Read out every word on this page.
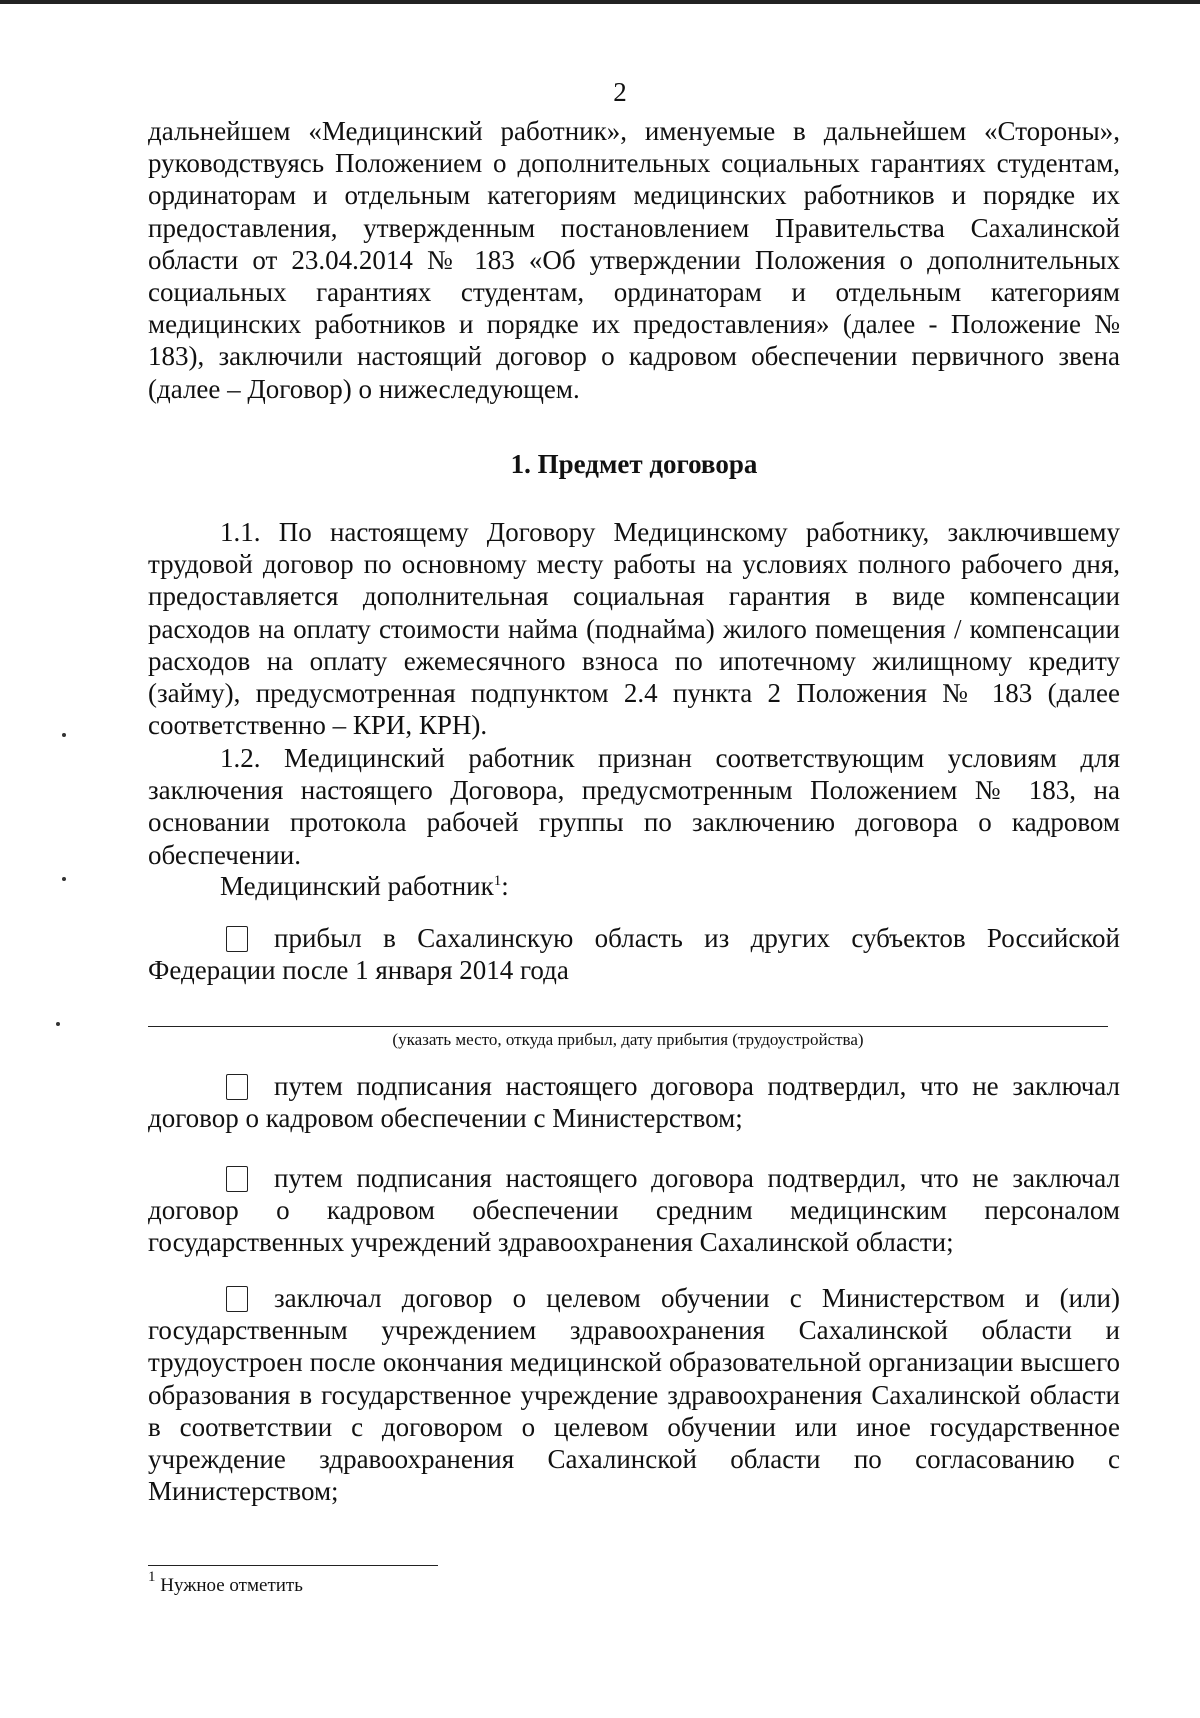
2

дальнейшем «Медицинский работник», именуемые в дальнейшем «Стороны», руководствуясь Положением о дополнительных социальных гарантиях студентам, ординаторам и отдельным категориям медицинских работников и порядке их предоставления, утвержденным постановлением Правительства Сахалинской области от 23.04.2014 № 183 «Об утверждении Положения о дополнительных социальных гарантиях студентам, ординаторам и отдельным категориям медицинских работников и порядке их предоставления» (далее - Положение № 183), заключили настоящий договор о кадровом обеспечении первичного звена (далее – Договор) о нижеследующем.

1. Предмет договора

1.1. По настоящему Договору Медицинскому работнику, заключившему трудовой договор по основному месту работы на условиях полного рабочего дня, предоставляется дополнительная социальная гарантия в виде компенсации расходов на оплату стоимости найма (поднайма) жилого помещения / компенсации расходов на оплату ежемесячного взноса по ипотечному жилищному кредиту (займу), предусмотренная подпунктом 2.4 пункта 2 Положения № 183 (далее соответственно – КРИ, КРН).

1.2. Медицинский работник признан соответствующим условиям для заключения настоящего Договора, предусмотренным Положением № 183, на основании протокола рабочей группы по заключению договора о кадровом обеспечении.

Медицинский работник$^1$:

прибыл в Сахалинскую область из других субъектов Российской Федерации после 1 января 2014 года

(указать место, откуда прибыл, дату прибытия (трудоустройства)

путем подписания настоящего договора подтвердил, что не заключал договор о кадровом обеспечении с Министерством;

путем подписания настоящего договора подтвердил, что не заключал договор о кадровом обеспечении средним медицинским персоналом государственных учреждений здравоохранения Сахалинской области;

заключал договор о целевом обучении с Министерством и (или) государственным учреждением здравоохранения Сахалинской области и трудоустроен после окончания медицинской образовательной организации высшего образования в государственное учреждение здравоохранения Сахалинской области в соответствии с договором о целевом обучении или иное государственное учреждение здравоохранения Сахалинской области по согласованию с Министерством;

$^1$ Нужное отметить
